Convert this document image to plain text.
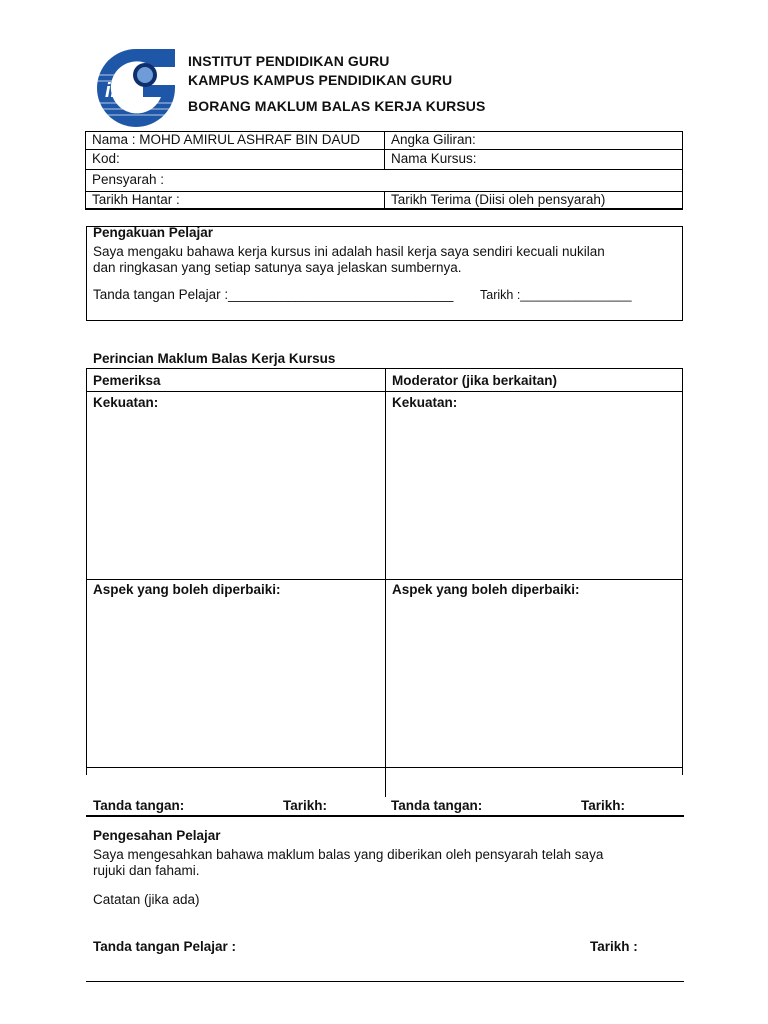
iPG
INSTITUT PENDIDIKAN GURU
KAMPUS KAMPUS PENDIDIKAN GURU
BORANG MAKLUM BALAS KERJA KURSUS
Nama : MOHD AMIRUL ASHRAF BIN DAUD Angka Giliran:
Kod:	Nama Kursus:
Pensyarah :
Tarikh Hantar :	Tarikh Terima (Diisi oleh pensyarah)
Pengakuan Pelajar
Saya mengaku bahawa kerja kursus ini adalah hasil kerja saya sendiri kecuali nukilan
dan ringkasan yang setiap satunya saya jelaskan sumbernya.
Tanda tangan Pelajar :______________________________ Tarikh :________________
Perincian Maklum Balas Kerja Kursus
Pemeriksa	Moderator (jika berkaitan)
Kekuatan:	Kekuatan:
Aspek yang boleh diperbaiki:	Aspek yang boleh diperbaiki:
Tanda tangan:	Tarikh:	Tanda tangan:	Tarikh:
Pengesahan Pelajar
Saya mengesahkan bahawa maklum balas yang diberikan oleh pensyarah telah saya
rujuki dan fahami.
Catatan (jika ada)
Tanda tangan Pelajar :	Tarikh :
